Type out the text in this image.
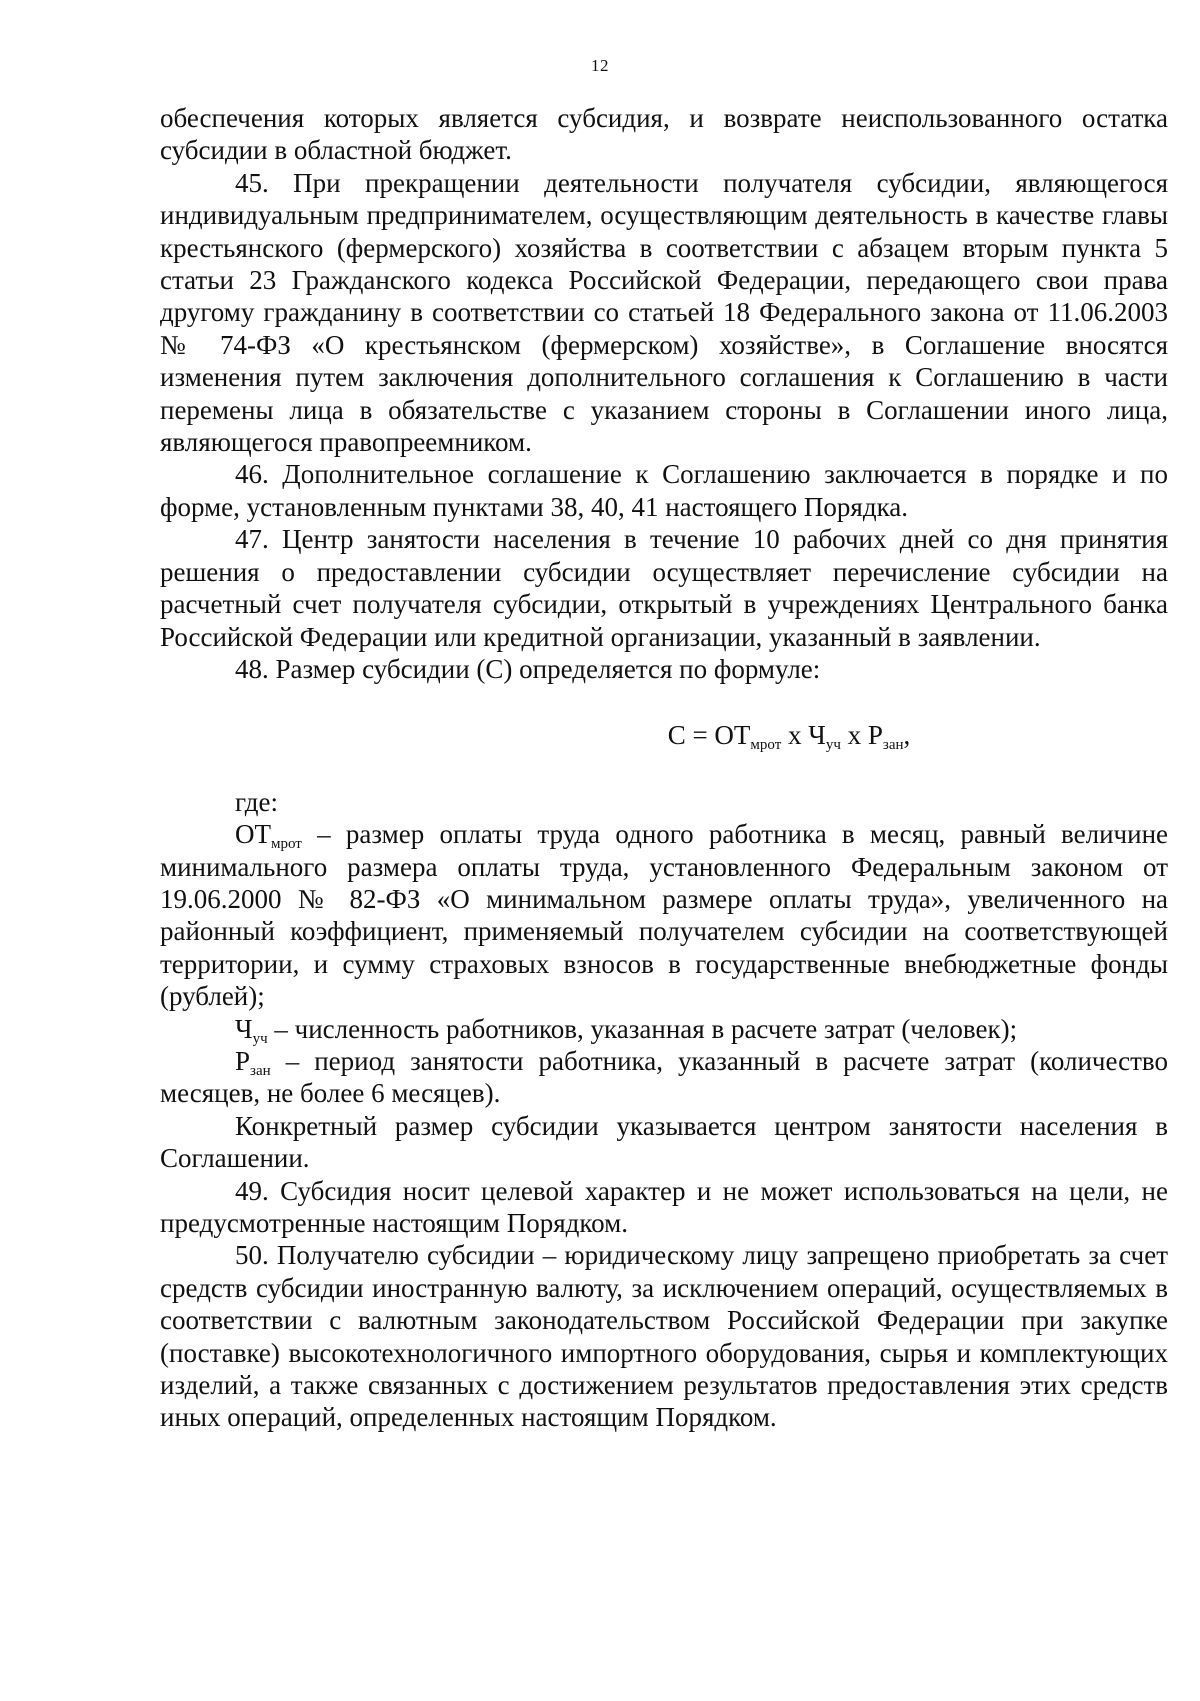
12

обеспечения которых является субсидия, и возврате неиспользованного остатка субсидии в областной бюджет.

45. При прекращении деятельности получателя субсидии, являющегося индивидуальным предпринимателем, осуществляющим деятельность в качестве главы крестьянского (фермерского) хозяйства в соответствии с абзацем вторым пункта 5 статьи 23 Гражданского кодекса Российской Федерации, передающего свои права другому гражданину в соответствии со статьей 18 Федерального закона от 11.06.2003 № 74-ФЗ «О крестьянском (фермерском) хозяйстве», в Соглашение вносятся изменения путем заключения дополнительного соглашения к Соглашению в части перемены лица в обязательстве с указанием стороны в Соглашении иного лица, являющегося правопреемником.

46. Дополнительное соглашение к Соглашению заключается в порядке и по форме, установленным пунктами 38, 40, 41 настоящего Порядка.

47. Центр занятости населения в течение 10 рабочих дней со дня принятия решения о предоставлении субсидии осуществляет перечисление субсидии на расчетный счет получателя субсидии, открытый в учреждениях Центрального банка Российской Федерации или кредитной организации, указанный в заявлении.

48. Размер субсидии (С) определяется по формуле:

$С = ОТ_{мрот}$ х $Ч_{уч}$ х $Р_{зан}$,

где:

$ОТ_{мрот}$ – размер оплаты труда одного работника в месяц, равный величине минимального размера оплаты труда, установленного Федеральным законом от 19.06.2000 № 82-ФЗ «О минимальном размере оплаты труда», увеличенного на районный коэффициент, применяемый получателем субсидии на соответствующей территории, и сумму страховых взносов в государственные внебюджетные фонды (рублей);

$Ч_{уч}$ – численность работников, указанная в расчете затрат (человек);

$Р_{зан}$ – период занятости работника, указанный в расчете затрат (количество месяцев, не более 6 месяцев).

Конкретный размер субсидии указывается центром занятости населения в Соглашении.

49. Субсидия носит целевой характер и не может использоваться на цели, не предусмотренные настоящим Порядком.

50. Получателю субсидии – юридическому лицу запрещено приобретать за счет средств субсидии иностранную валюту, за исключением операций, осуществляемых в соответствии с валютным законодательством Российской Федерации при закупке (поставке) высокотехнологичного импортного оборудования, сырья и комплектующих изделий, а также связанных с достижением результатов предоставления этих средств иных операций, определенных настоящим Порядком.
